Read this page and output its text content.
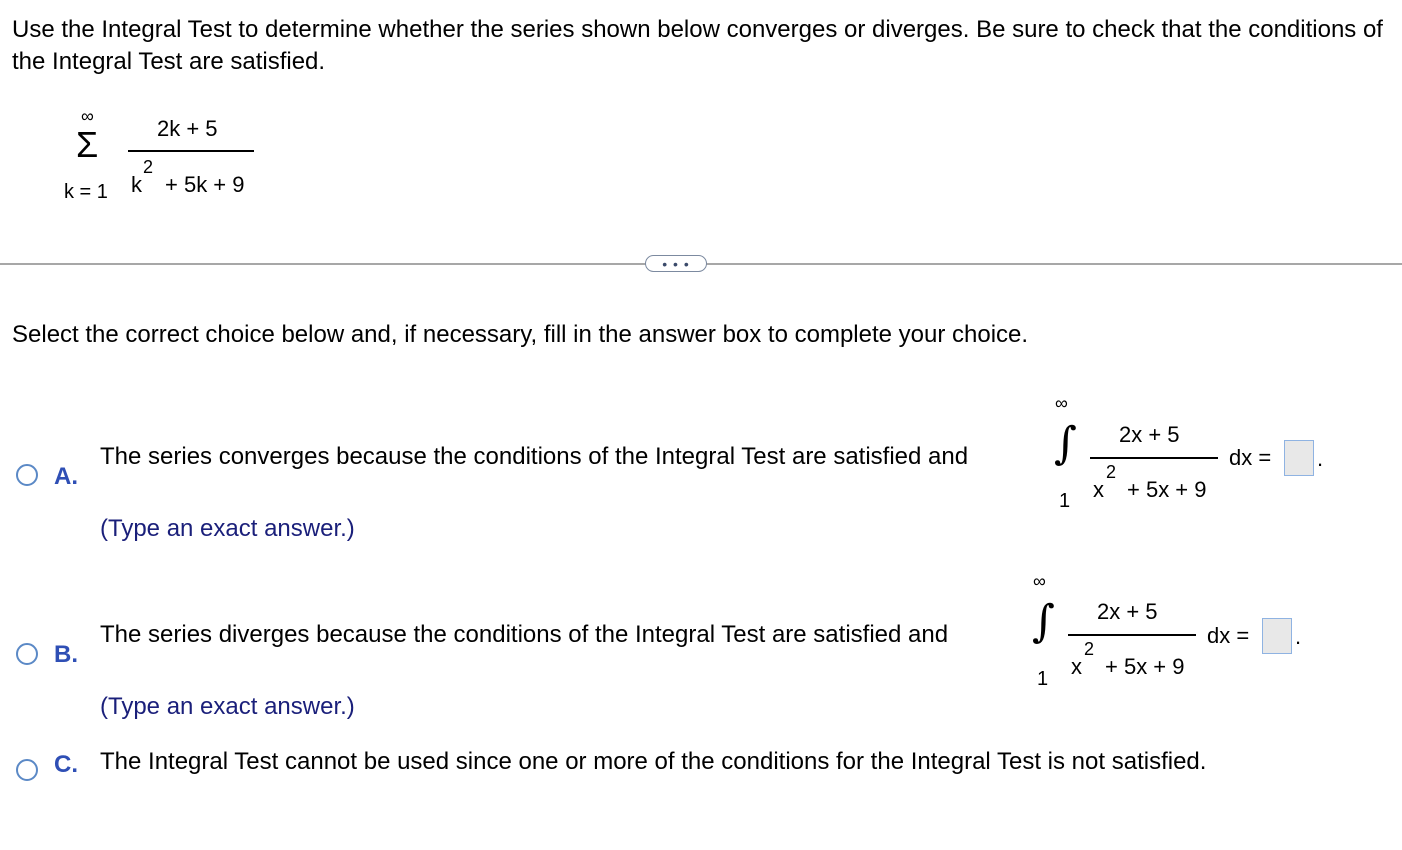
Use the Integral Test to determine whether the series shown below converges or diverges. Be sure to check that the conditions of the Integral Test are satisfied.
∞
Σ
k = 1
2k + 5
k
2
+ 5k + 9
• • •
Select the correct choice below and, if necessary, fill in the answer box to complete your choice.
A.
The series converges because the conditions of the Integral Test are satisfied and
∞
∫
1
2x + 5
x
2
+ 5x + 9
dx = .
(Type an exact answer.)
B.
The series diverges because the conditions of the Integral Test are satisfied and
∞
∫
1
2x + 5
x
2
+ 5x + 9
dx = .
(Type an exact answer.)
C. The Integral Test cannot be used since one or more of the conditions for the Integral Test is not satisfied.
